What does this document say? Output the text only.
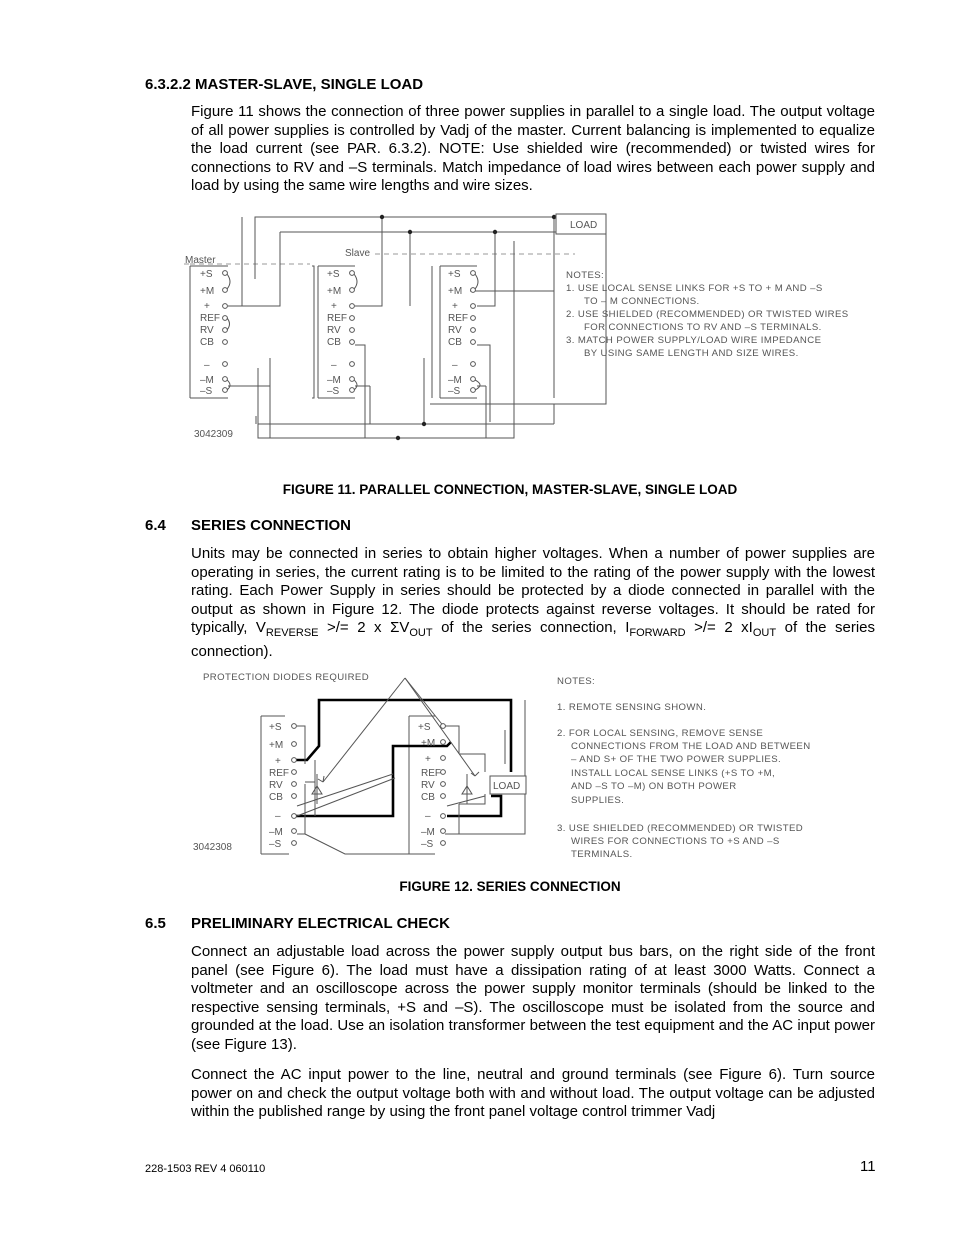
6.3.2.2 MASTER-SLAVE, SINGLE LOAD
Figure 11 shows the connection of three power supplies in parallel to a single load. The output voltage of all power supplies is controlled by Vadj of the master. Current balancing is implemented to equalize the load current (see PAR. 6.3.2). NOTE: Use shielded wire (recommended) or twisted wires for connections to RV and –S terminals. Match impedance of load wires between each power supply and load by using the same wire lengths and wire sizes.
LOAD
Master
Slave
+S
+M
+
REF
RV
CB
–
–M
–S
+S
+M
+
REF
RV
CB
–
–M
–S
+S
+M
+
REF
RV
CB
–
–M
–S
3042309
NOTES:
1. USE LOCAL SENSE LINKS FOR +S TO + M AND –S
TO – M CONNECTIONS.
2. USE SHIELDED (RECOMMENDED) OR TWISTED WIRES
FOR CONNECTIONS TO RV AND –S TERMINALS.
3. MATCH POWER SUPPLY/LOAD WIRE IMPEDANCE
BY USING SAME LENGTH AND SIZE WIRES.
FIGURE 11. PARALLEL CONNECTION, MASTER-SLAVE, SINGLE LOAD
6.4 SERIES CONNECTION
Units may be connected in series to obtain higher voltages. When a number of power supplies are operating in series, the current rating is to be limited to the rating of the power supply with the lowest rating. Each Power Supply in series should be protected by a diode connected in parallel with the output as shown in Figure 12. The diode protects against reverse voltages. It should be rated for typically, $V_{REVERSE}$ >/= 2 x $\Sigma V_{OUT}$ of the series connection, $I_{FORWARD}$ >/= 2 $xI_{OUT}$ of the series connection).
LOAD
PROTECTION DIODES REQUIRED
+S
+M
+
REF
RV
CB
–
–M
–S
+S
+M
+
REF
RV
CB
–
–M
–S
3042308
NOTES:
1. REMOTE SENSING SHOWN.
2. FOR LOCAL SENSING, REMOVE SENSE
CONNECTIONS FROM THE LOAD AND BETWEEN
– AND S+ OF THE TWO POWER SUPPLIES.
INSTALL LOCAL SENSE LINKS (+S TO +M,
AND –S TO –M) ON BOTH POWER
SUPPLIES.
3. USE SHIELDED (RECOMMENDED) OR TWISTED
WIRES FOR CONNECTIONS TO +S AND –S
TERMINALS.
FIGURE 12. SERIES CONNECTION
6.5 PRELIMINARY ELECTRICAL CHECK
Connect an adjustable load across the power supply output bus bars, on the right side of the front panel (see Figure 6). The load must have a dissipation rating of at least 3000 Watts. Connect a voltmeter and an oscilloscope across the power supply monitor terminals (should be linked to the respective sensing terminals, +S and –S). The oscilloscope must be isolated from the source and grounded at the load. Use an isolation transformer between the test equipment and the AC input power (see Figure 13).
Connect the AC input power to the line, neutral and ground terminals (see Figure 6). Turn source power on and check the output voltage both with and without load. The output voltage can be adjusted within the published range by using the front panel voltage control trimmer Vadj
228-1503 REV 4 060110	11
